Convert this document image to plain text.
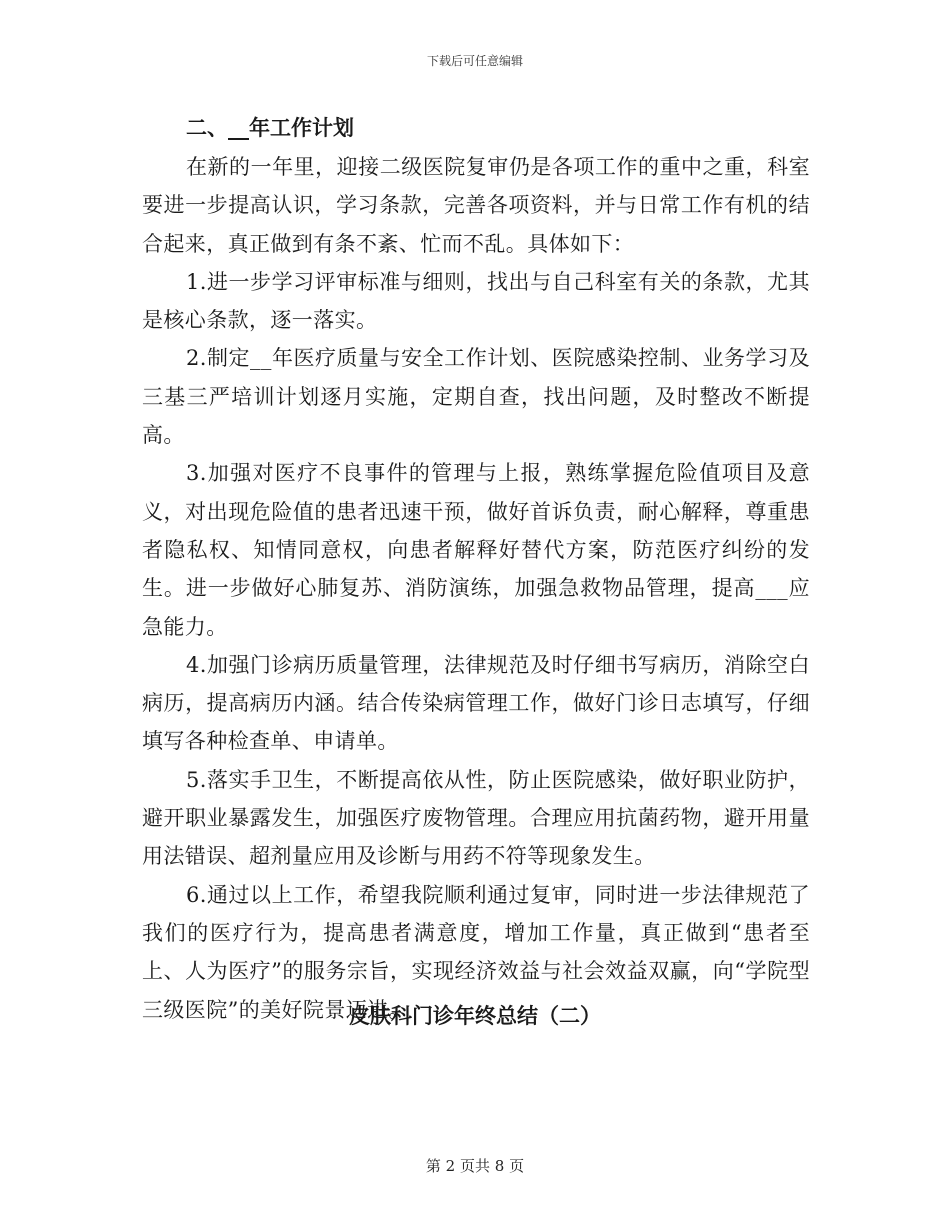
下载后可任意编辑
二、__年工作计划

在新的一年里，迎接二级医院复审仍是各项工作的重中之重，科室要进一步提高认识，学习条款，完善各项资料，并与日常工作有机的结合起来，真正做到有条不紊、忙而不乱。具体如下：

1.进一步学习评审标准与细则，找出与自己科室有关的条款，尤其是核心条款，逐一落实。

2.制定__年医疗质量与安全工作计划、医院感染控制、业务学习及三基三严培训计划逐月实施，定期自查，找出问题，及时整改不断提高。

3.加强对医疗不良事件的管理与上报，熟练掌握危险值项目及意义，对出现危险值的患者迅速干预，做好首诉负责，耐心解释，尊重患者隐私权、知情同意权，向患者解释好替代方案，防范医疗纠纷的发生。进一步做好心肺复苏、消防演练，加强急救物品管理，提高___应急能力。

4.加强门诊病历质量管理，法律规范及时仔细书写病历，消除空白病历，提高病历内涵。结合传染病管理工作，做好门诊日志填写，仔细填写各种检查单、申请单。

5.落实手卫生，不断提高依从性，防止医院感染，做好职业防护，避开职业暴露发生，加强医疗废物管理。合理应用抗菌药物，避开用量用法错误、超剂量应用及诊断与用药不符等现象发生。

6.通过以上工作，希望我院顺利通过复审，同时进一步法律规范了我们的医疗行为，提高患者满意度，增加工作量，真正做到“患者至上、人为医疗”的服务宗旨，实现经济效益与社会效益双赢，向“学院型三级医院”的美好院景迈进。

皮肤科门诊年终总结（二）
第 2 页共 8 页
